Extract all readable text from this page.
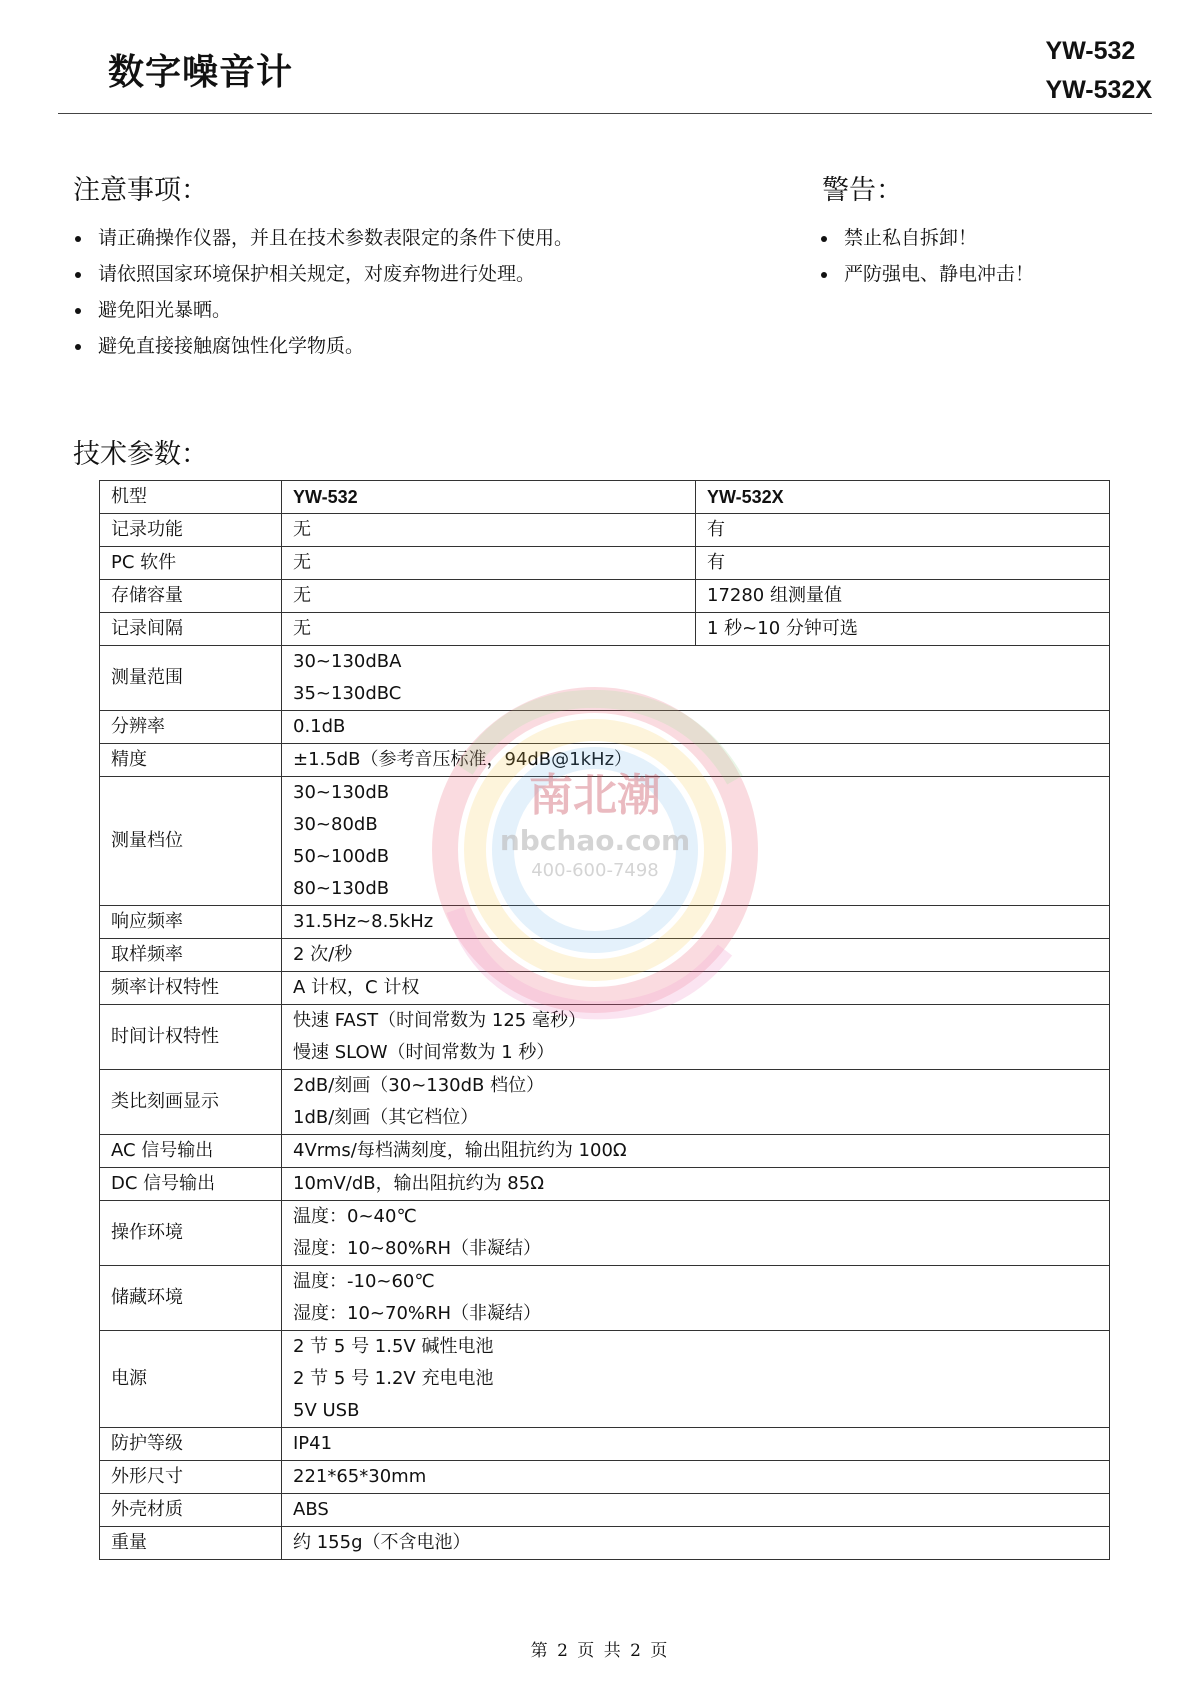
数字噪音计
YW-532
YW-532X
注意事项：
请正确操作仪器，并且在技术参数表限定的条件下使用。
请依照国家环境保护相关规定，对废弃物进行处理。
避免阳光暴晒。
避免直接接触腐蚀性化学物质。
警告：
禁止私自拆卸！
严防强电、静电冲击！
技术参数：
机型	YW-532	YW-532X

记录功能	无	有

PC 软件	无	有

存储容量	无	17280 组测量值

记录间隔	无	1 秒~10 分钟可选

测量范围	30~130dBA
35~130dBC	

分辨率	0.1dB	

精度	±1.5dB（参考音压标准，94dB@1kHz）	

测量档位	30~130dB
30~80dB
50~100dB
80~130dB	

响应频率	31.5Hz~8.5kHz	

取样频率	2 次/秒	

频率计权特性	A 计权，C 计权	

时间计权特性	快速 FAST（时间常数为 125 毫秒）
慢速 SLOW（时间常数为 1 秒）	

类比刻画显示	2dB/刻画（30~130dB 档位）
1dB/刻画（其它档位）	

AC 信号输出	4Vrms/每档满刻度，输出阻抗约为 100Ω	

DC 信号输出	10mV/dB，输出阻抗约为 85Ω	

操作环境	温度：0~40℃
湿度：10~80%RH（非凝结）	

储藏环境	温度：-10~60℃
湿度：10~70%RH（非凝结）	

电源	2 节 5 号 1.5V 碱性电池
2 节 5 号 1.2V 充电电池
5V USB	

防护等级	IP41	

外形尺寸	221*65*30mm	

外壳材质	ABS	

重量	约 155g（不含电池）	
南北潮
nbchao.com
400-600-7498
第 2 页 共 2 页
